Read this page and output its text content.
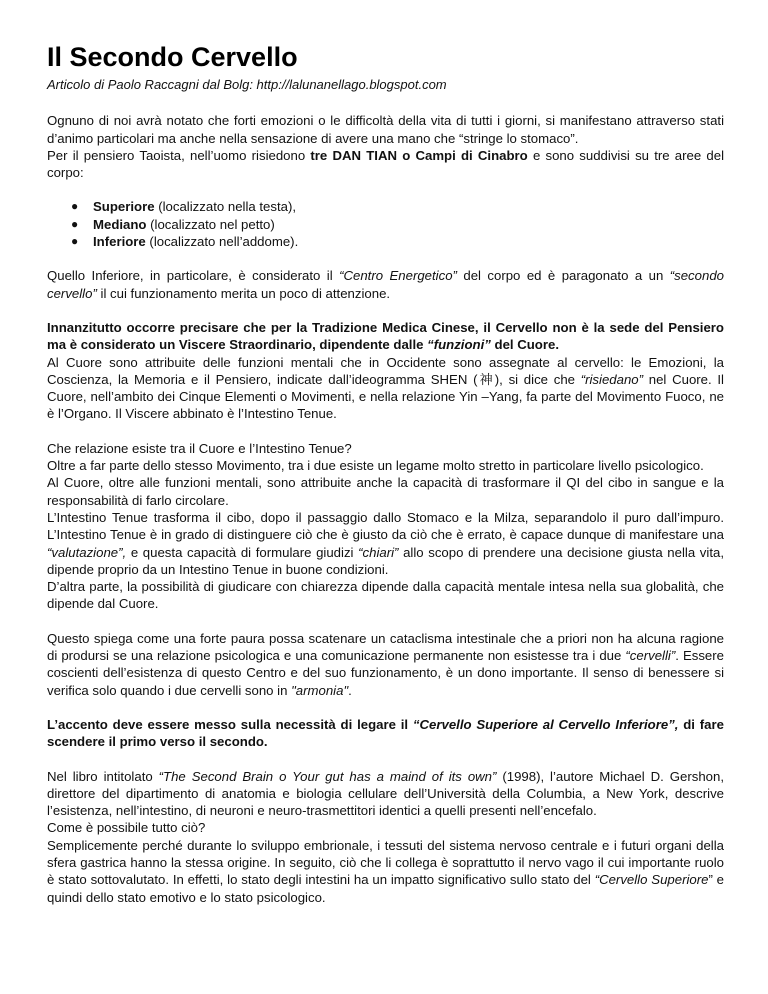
Il Secondo Cervello
Articolo di Paolo Raccagni dal Bolg: http://lalunanellago.blogspot.com

Ognuno di noi avrà notato che forti emozioni o le difficoltà della vita di tutti i giorni, si manifestano attraverso stati d’animo particolari ma anche nella sensazione di avere una mano che “stringe lo stomaco”.
Per il pensiero Taoista, nell’uomo risiedono tre DAN TIAN o Campi di Cinabro e sono suddivisi su tre aree del corpo:

● Superiore (localizzato nella testa),
● Mediano (localizzato nel petto)
● Inferiore (localizzato nell’addome).

Quello Inferiore, in particolare, è considerato il “Centro Energetico” del corpo ed è paragonato a un “secondo cervello” il cui funzionamento merita un poco di attenzione.

Innanzitutto occorre precisare che per la Tradizione Medica Cinese, il Cervello non è la sede del Pensiero ma è considerato un Viscere Straordinario, dipendente dalle “funzioni” del Cuore.
Al Cuore sono attribuite delle funzioni mentali che in Occidente sono assegnate al cervello: le Emozioni, la Coscienza, la Memoria e il Pensiero, indicate dall’ideogramma SHEN (神), si dice che “risiedano” nel Cuore. Il Cuore, nell’ambito dei Cinque Elementi o Movimenti, e nella relazione Yin –Yang, fa parte del Movimento Fuoco, ne è l’Organo. Il Viscere abbinato è l’Intestino Tenue.

Che relazione esiste tra il Cuore e l’Intestino Tenue?
Oltre a far parte dello stesso Movimento, tra i due esiste un legame molto stretto in particolare livello psicologico.
Al Cuore, oltre alle funzioni mentali, sono attribuite anche la capacità di trasformare il QI del cibo in sangue e la responsabilità di farlo circolare.
L’Intestino Tenue trasforma il cibo, dopo il passaggio dallo Stomaco e la Milza, separandolo il puro dall’impuro. L’Intestino Tenue è in grado di distinguere ciò che è giusto da ciò che è errato, è capace dunque di manifestare una “valutazione”, e questa capacità di formulare giudizi “chiari” allo scopo di prendere una decisione giusta nella vita, dipende proprio da un Intestino Tenue in buone condizioni.
D’altra parte, la possibilità di giudicare con chiarezza dipende dalla capacità mentale intesa nella sua globalità, che dipende dal Cuore.

Questo spiega come una forte paura possa scatenare un cataclisma intestinale che a priori non ha alcuna ragione di prodursi se una relazione psicologica e una comunicazione permanente non esistesse tra i due “cervelli”. Essere coscienti dell’esistenza di questo Centro e del suo funzionamento, è un dono importante. Il senso di benessere si verifica solo quando i due cervelli sono in "armonia".

L’accento deve essere messo sulla necessità di legare il “Cervello Superiore al Cervello Inferiore”, di fare scendere il primo verso il secondo.

Nel libro intitolato “The Second Brain o Your gut has a maind of its own” (1998), l’autore Michael D. Gershon, direttore del dipartimento di anatomia e biologia cellulare dell’Università della Columbia, a New York, descrive l’esistenza, nell’intestino, di neuroni e neuro-trasmettitori identici a quelli presenti nell’encefalo.
Come è possibile tutto ciò?
Semplicemente perché durante lo sviluppo embrionale, i tessuti del sistema nervoso centrale e i futuri organi della sfera gastrica hanno la stessa origine. In seguito, ciò che li collega è soprattutto il nervo vago il cui importante ruolo è stato sottovalutato. In effetti, lo stato degli intestini ha un impatto significativo sullo stato del “Cervello Superiore” e quindi dello stato emotivo e lo stato psicologico.
